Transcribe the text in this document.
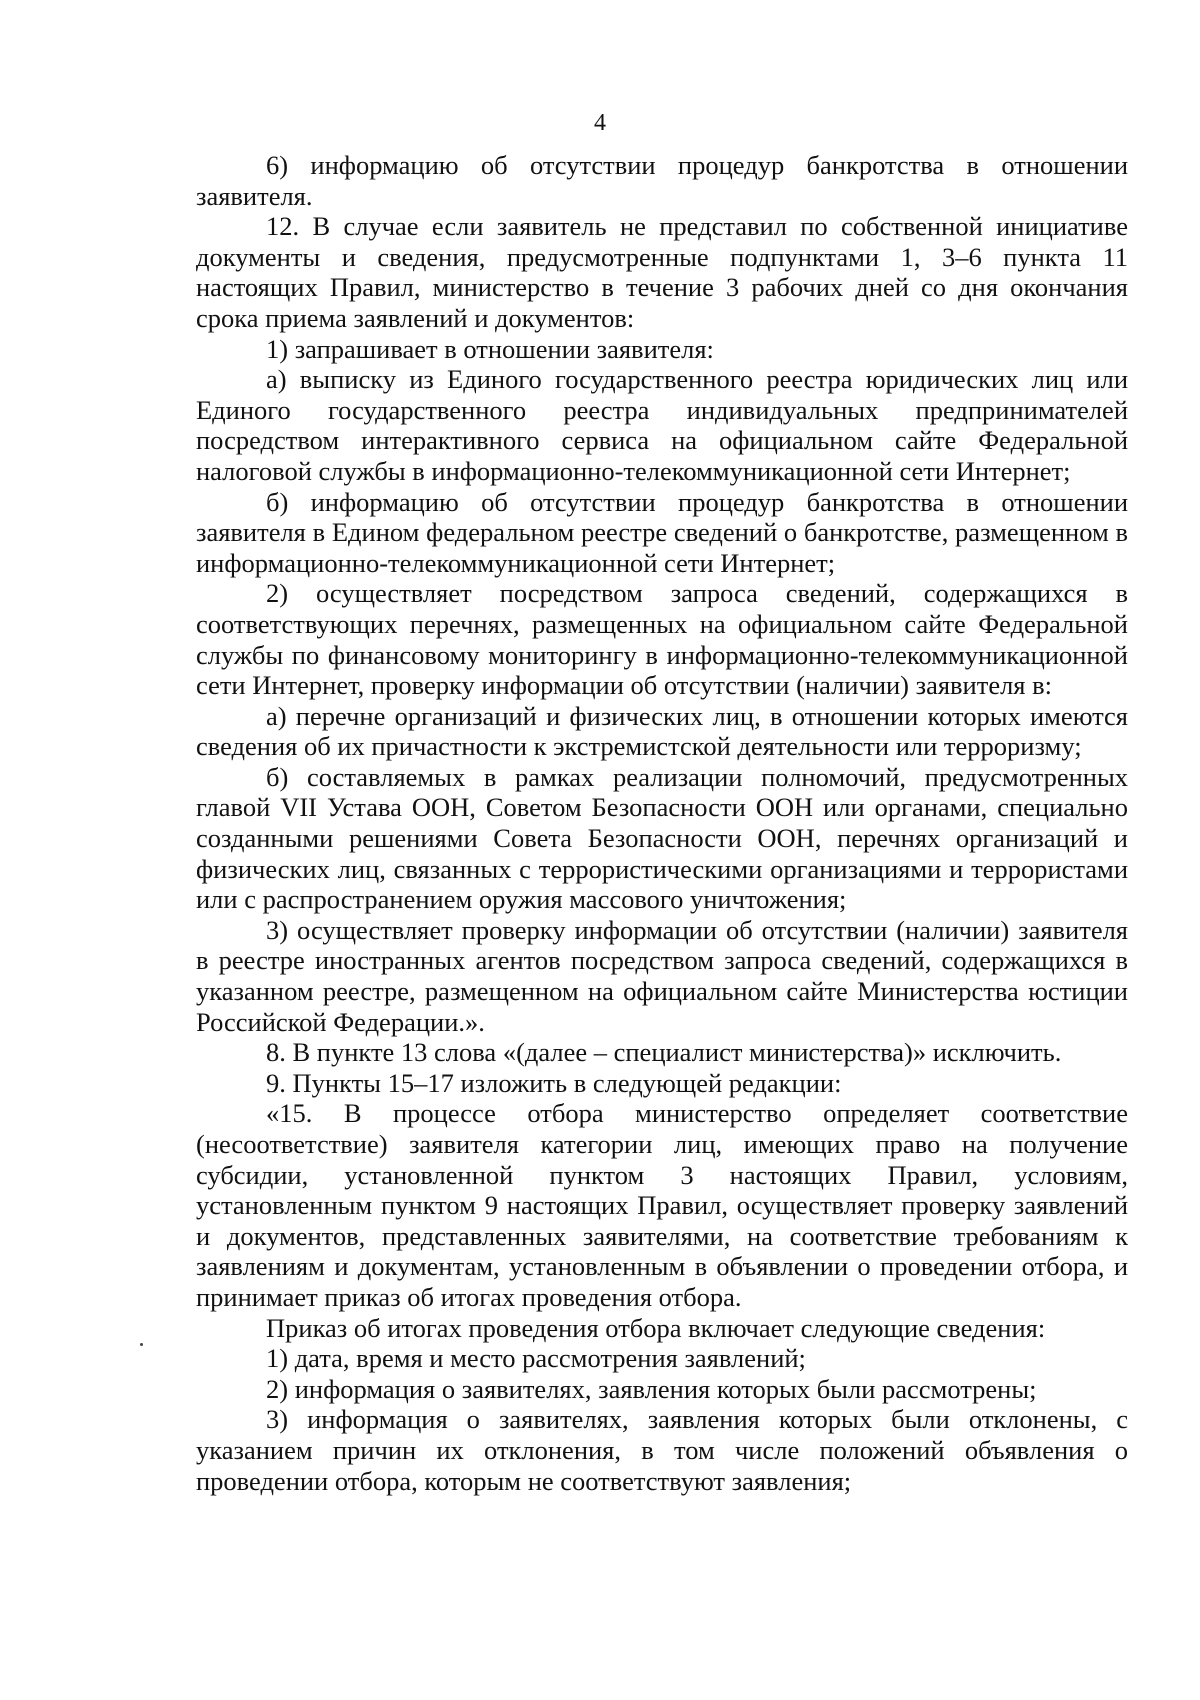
4

6) информацию об отсутствии процедур банкротства в отношении заявителя.

12. В случае если заявитель не представил по собственной инициативе документы и сведения, предусмотренные подпунктами 1, 3–6 пункта 11 настоящих Правил, министерство в течение 3 рабочих дней со дня окончания срока приема заявлений и документов:

1) запрашивает в отношении заявителя:

а) выписку из Единого государственного реестра юридических лиц или Единого государственного реестра индивидуальных предпринимателей посредством интерактивного сервиса на официальном сайте Федеральной налоговой службы в информационно-телекоммуникационной сети Интернет;

б) информацию об отсутствии процедур банкротства в отношении заявителя в Едином федеральном реестре сведений о банкротстве, размещенном в информационно-телекоммуникационной сети Интернет;

2) осуществляет посредством запроса сведений, содержащихся в соответствующих перечнях, размещенных на официальном сайте Федеральной службы по финансовому мониторингу в информационно-телекоммуникационной сети Интернет, проверку информации об отсутствии (наличии) заявителя в:

а) перечне организаций и физических лиц, в отношении которых имеются сведения об их причастности к экстремистской деятельности или терроризму;

б) составляемых в рамках реализации полномочий, предусмотренных главой VII Устава ООН, Советом Безопасности ООН или органами, специально созданными решениями Совета Безопасности ООН, перечнях организаций и физических лиц, связанных с террористическими организациями и террористами или с распространением оружия массового уничтожения;

3) осуществляет проверку информации об отсутствии (наличии) заявителя в реестре иностранных агентов посредством запроса сведений, содержащихся в указанном реестре, размещенном на официальном сайте Министерства юстиции Российской Федерации.».

8. В пункте 13 слова «(далее – специалист министерства)» исключить.

9. Пункты 15–17 изложить в следующей редакции:

«15. В процессе отбора министерство определяет соответствие (несоответствие) заявителя категории лиц, имеющих право на получение субсидии, установленной пунктом 3 настоящих Правил, условиям, установленным пунктом 9 настоящих Правил, осуществляет проверку заявлений и документов, представленных заявителями, на соответствие требованиям к заявлениям и документам, установленным в объявлении о проведении отбора, и принимает приказ об итогах проведения отбора.

Приказ об итогах проведения отбора включает следующие сведения:

1) дата, время и место рассмотрения заявлений;

2) информация о заявителях, заявления которых были рассмотрены;

3) информация о заявителях, заявления которых были отклонены, с указанием причин их отклонения, в том числе положений объявления о проведении отбора, которым не соответствуют заявления;
